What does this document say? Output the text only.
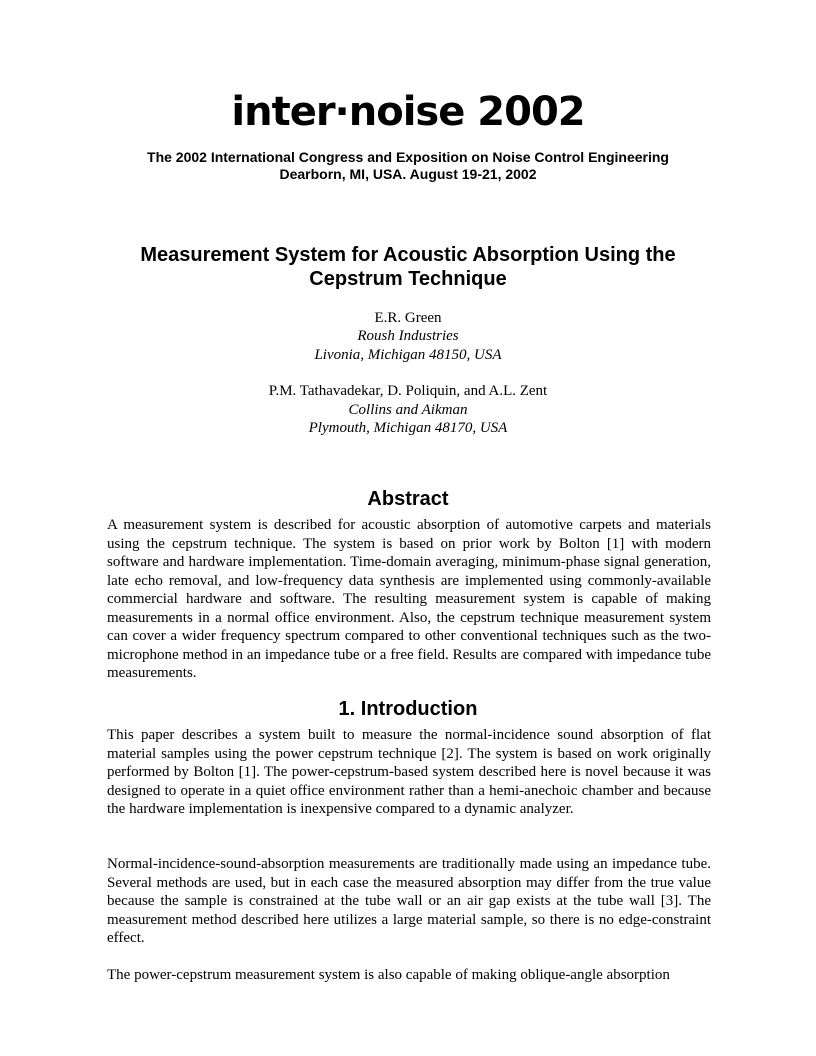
inter·noise 2002
The 2002 International Congress and Exposition on Noise Control Engineering
Dearborn, MI, USA. August 19-21, 2002
Measurement System for Acoustic Absorption Using the
Cepstrum Technique
E.R. Green
Roush Industries
Livonia, Michigan 48150, USA
P.M. Tathavadekar, D. Poliquin, and A.L. Zent
Collins and Aikman
Plymouth, Michigan 48170, USA
Abstract
A measurement system is described for acoustic absorption of automotive carpets and materials using the cepstrum technique. The system is based on prior work by Bolton [1] with modern software and hardware implementation. Time-domain averaging, minimum-phase signal generation, late echo removal, and low-frequency data synthesis are implemented using commonly-available commercial hardware and software. The resulting measurement system is capable of making measurements in a normal office environment. Also, the cepstrum technique measurement system can cover a wider frequency spectrum compared to other conventional techniques such as the two-microphone method in an impedance tube or a free field. Results are compared with impedance tube measurements.
1. Introduction
This paper describes a system built to measure the normal-incidence sound absorption of flat material samples using the power cepstrum technique [2]. The system is based on work originally performed by Bolton [1]. The power-cepstrum-based system described here is novel because it was designed to operate in a quiet office environment rather than a hemi-anechoic chamber and because the hardware implementation is inexpensive compared to a dynamic analyzer.
Normal-incidence-sound-absorption measurements are traditionally made using an impedance tube. Several methods are used, but in each case the measured absorption may differ from the true value because the sample is constrained at the tube wall or an air gap exists at the tube wall [3]. The measurement method described here utilizes a large material sample, so there is no edge-constraint effect.
The power-cepstrum measurement system is also capable of making oblique-angle absorption
